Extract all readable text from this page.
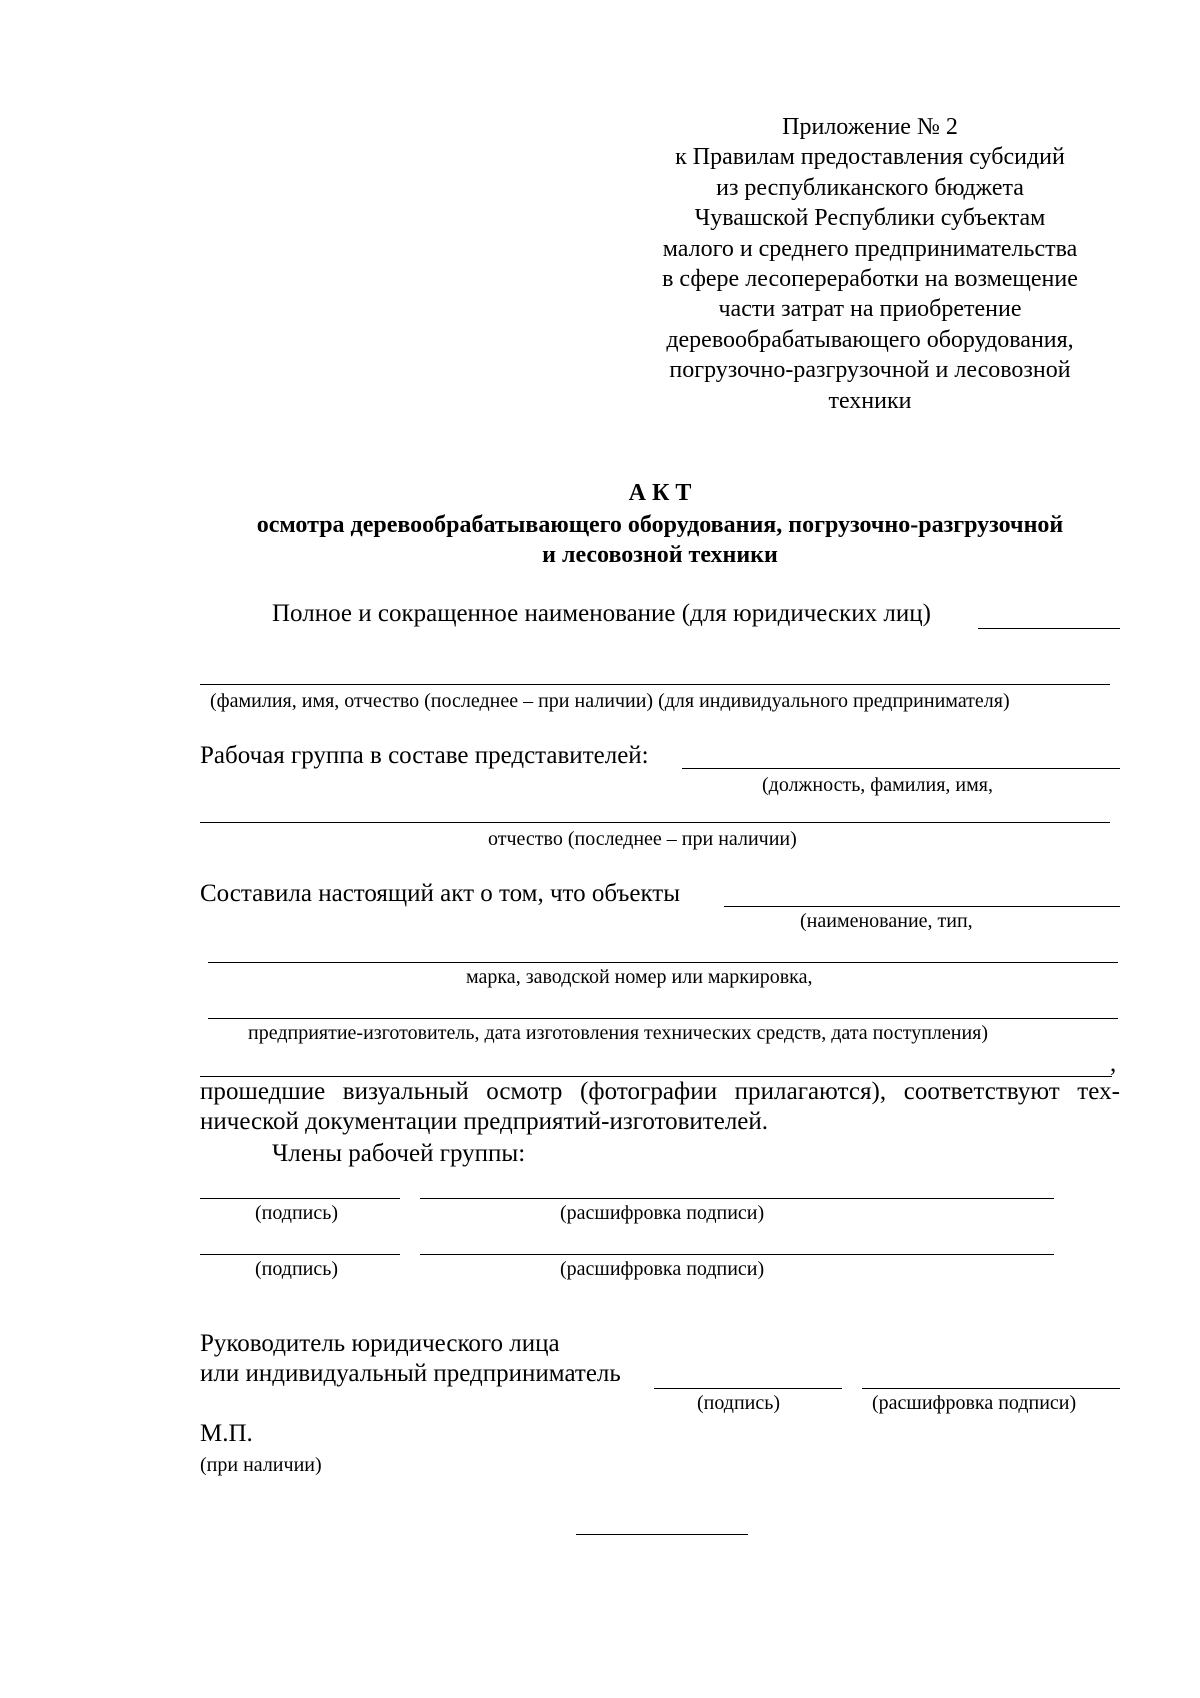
Приложение № 2
к Правилам предоставления субсидий
из республиканского бюджета
Чувашской Республики субъектам
малого и среднего предпринимательства
в сфере лесопереработки на возмещение
части затрат на приобретение
деревообрабатывающего оборудования,
погрузочно-разгрузочной и лесовозной
техники
А К Т
осмотра деревообрабатывающего оборудования, погрузочно-разгрузочной
и лесовозной техники
Полное и сокращенное наименование (для юридических лиц)
(фамилия, имя, отчество (последнее – при наличии) (для индивидуального предпринимателя)
Рабочая группа в составе представителей:
(должность, фамилия, имя,
отчество (последнее – при наличии)
Составила настоящий акт о том, что объекты
(наименование, тип,
марка, заводской номер или маркировка,
предприятие-изготовитель, дата изготовления технических средств, дата поступления)
,
прошедшие визуальный осмотр (фотографии прилагаются), соответствуют тех-
нической документации предприятий-изготовителей.
Члены рабочей группы:
(подпись)	(расшифровка подписи)
(подпись)	(расшифровка подписи)
Руководитель юридического лица
или индивидуальный предприниматель
(подпись)	(расшифровка подписи)
М.П.
(при наличии)
